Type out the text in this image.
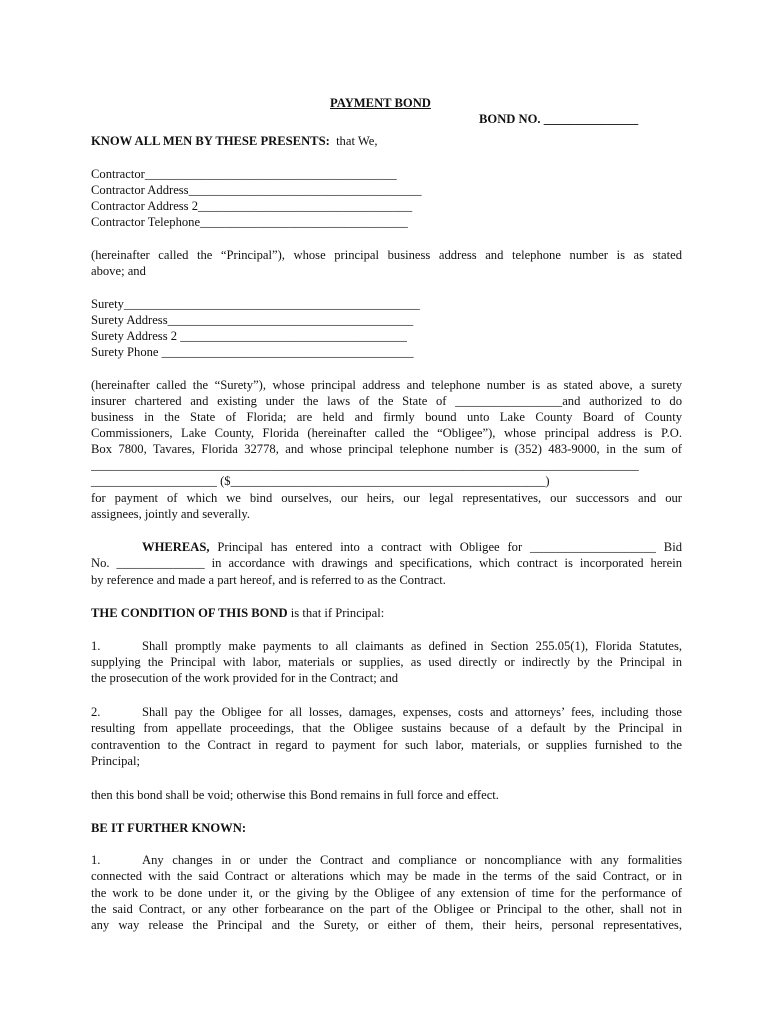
PAYMENT BOND
BOND NO. _______________
KNOW ALL MEN BY THESE PRESENTS:  that We,
Contractor________________________________________
Contractor Address_____________________________________
Contractor Address 2__________________________________
Contractor Telephone_________________________________
(hereinafter called the “Principal”), whose principal business address and telephone number is as stated
above; and
Surety_______________________________________________
Surety Address_______________________________________
Surety Address 2 ____________________________________
Surety Phone ________________________________________
(hereinafter called the “Surety”), whose principal address and telephone number is as stated above, a surety
insurer chartered and existing under the laws of the State of _________________and authorized to do
business in the State of Florida; are held and firmly bound unto Lake County Board of County
Commissioners, Lake County, Florida (hereinafter called the “Obligee”), whose principal address is P.O.
Box 7800, Tavares, Florida 32778, and whose principal telephone number is (352) 483-9000, in the sum of
_______________________________________________________________________________________
____________________ ($__________________________________________________)
for payment of which we bind ourselves, our heirs, our legal representatives, our successors and our
assignees, jointly and severally.
WHEREAS, Principal has entered into a contract with Obligee for ____________________ Bid
No. ______________ in accordance with drawings and specifications, which contract is incorporated herein
by reference and made a part hereof, and is referred to as the Contract.
THE CONDITION OF THIS BOND is that if Principal:
1.	Shall promptly make payments to all claimants as defined in Section 255.05(1), Florida Statutes,
supplying the Principal with labor, materials or supplies, as used directly or indirectly by the Principal in
the prosecution of the work provided for in the Contract; and
2.	Shall pay the Obligee for all losses, damages, expenses, costs and attorneys’ fees, including those
resulting from appellate proceedings, that the Obligee sustains because of a default by the Principal in
contravention to the Contract in regard to payment for such labor, materials, or supplies furnished to the
Principal;
then this bond shall be void; otherwise this Bond remains in full force and effect.
BE IT FURTHER KNOWN:
1.	Any changes in or under the Contract and compliance or noncompliance with any formalities
connected with the said Contract or alterations which may be made in the terms of the said Contract, or in
the work to be done under it, or the giving by the Obligee of any extension of time for the performance of
the said Contract, or any other forbearance on the part of the Obligee or Principal to the other, shall not in
any way release the Principal and the Surety, or either of them, their heirs, personal representatives,
